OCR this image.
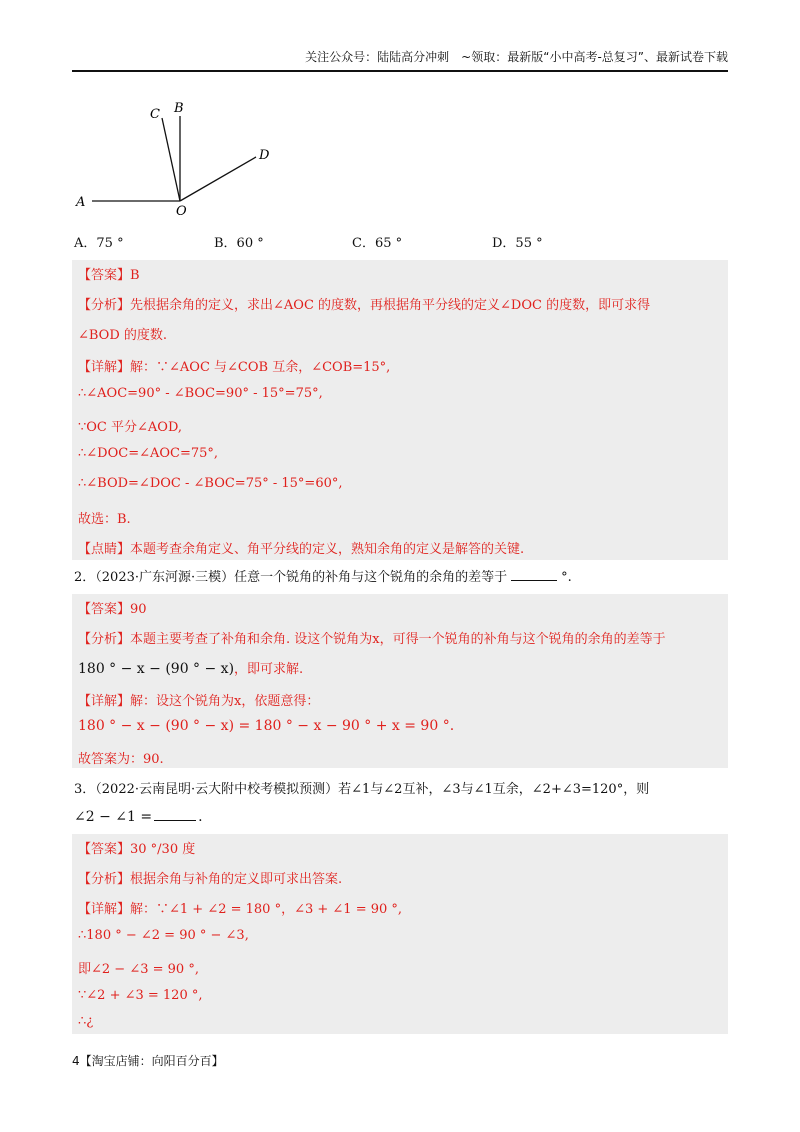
关注公众号：陆陆高分冲刺　~领取：最新版“小中高考-总复习”、最新试卷下载
A
B
C
D
O
A．75 °	B．60 °	C．65 °	D．55 °
【答案】B
【分析】先根据余角的定义，求出∠AOC 的度数，再根据角平分线的定义∠DOC 的度数，即可求得
∠BOD 的度数.
【详解】解：∵∠AOC 与∠COB 互余，∠COB=15°,
∴∠AOC=90° - ∠BOC=90° - 15°=75°,
∵OC 平分∠AOD,
∴∠DOC=∠AOC=75°,
∴∠BOD=∠DOC - ∠BOC=75° - 15°=60°,
故选：B.
【点睛】本题考查余角定义、角平分线的定义，熟知余角的定义是解答的关键.
2．（2023·广东河源·三模）任意一个锐角的补角与这个锐角的余角的差等于	°.
【答案】90
【分析】本题主要考查了补角和余角. 设这个锐角为x，可得一个锐角的补角与这个锐角的余角的差等于
180 ° − x − (90 ° − x)，即可求解.
【详解】解：设这个锐角为x，依题意得：
180 ° − x − (90 ° − x) = 180 ° − x − 90 ° + x = 90 °.
故答案为：90.
3．（2022·云南昆明·云大附中校考模拟预测）若∠1与∠2互补，∠3与∠1互余，∠2+∠3=120°，则
∠2 − ∠1 =	.
【答案】30 °/30 度
【分析】根据余角与补角的定义即可求出答案.
【详解】解：∵∠1 + ∠2 = 180 °，∠3 + ∠1 = 90 °,
∴180 ° − ∠2 = 90 ° − ∠3,
即∠2 − ∠3 = 90 °,
∵∠2 + ∠3 = 120 °,
∴¿
4【淘宝店铺：向阳百分百】
